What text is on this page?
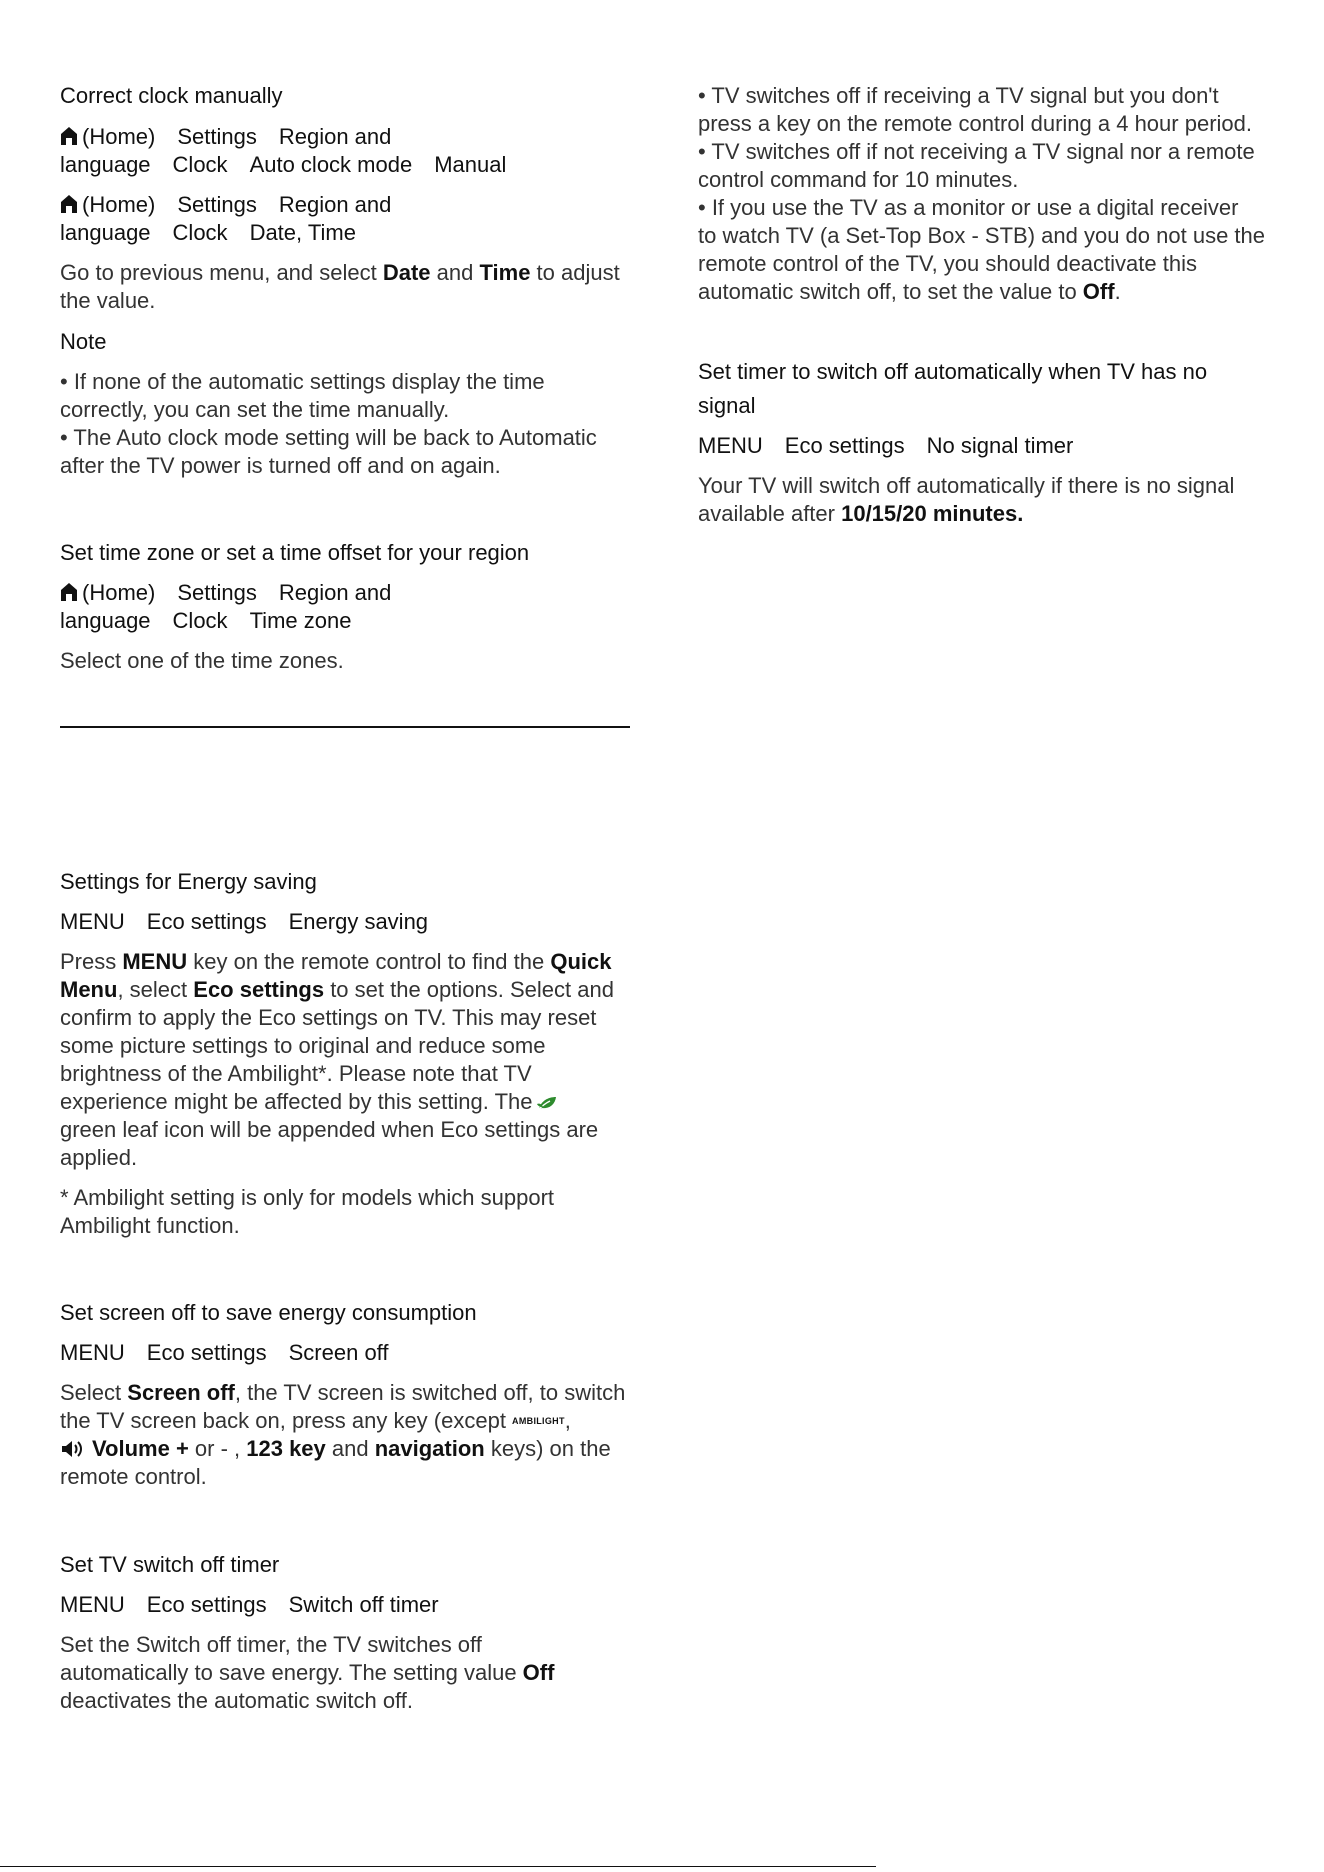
Correct clock manually

(Home) Settings Region and

language Clock Auto clock mode Manual

(Home) Settings Region and

language Clock Date, Time

Go to previous menu, and select Date and Time to adjust

the value.

Note

• If none of the automatic settings display the time

correctly, you can set the time manually.

• The Auto clock mode setting will be back to Automatic

after the TV power is turned off and on again.

Set time zone or set a time offset for your region

(Home) Settings Region and

language Clock Time zone

Select one of the time zones.

Settings for Energy saving

MENU Eco settings Energy saving

Press MENU key on the remote control to find the Quick

Menu, select Eco settings to set the options. Select and

confirm to apply the Eco settings on TV. This may reset

some picture settings to original and reduce some

brightness of the Ambilight*. Please note that TV

experience might be affected by this setting. The

green leaf icon will be appended when Eco settings are

applied.

* Ambilight setting is only for models which support

Ambilight function.

Set screen off to save energy consumption

MENU Eco settings Screen off

Select Screen off, the TV screen is switched off, to switch

the TV screen back on, press any key (except AMBILIGHT,

Volume + or - , 123 key and navigation keys) on the

remote control.

Set TV switch off timer

MENU Eco settings Switch off timer

Set the Switch off timer, the TV switches off

automatically to save energy. The setting value Off

deactivates the automatic switch off.

• TV switches off if receiving a TV signal but you don't

press a key on the remote control during a 4 hour period.

• TV switches off if not receiving a TV signal nor a remote

control command for 10 minutes.

• If you use the TV as a monitor or use a digital receiver

to watch TV (a Set-Top Box - STB) and you do not use the

remote control of the TV, you should deactivate this

automatic switch off, to set the value to Off.

Set timer to switch off automatically when TV has no

signal

MENU Eco settings No signal timer

Your TV will switch off automatically if there is no signal

available after 10/15/20 minutes.
